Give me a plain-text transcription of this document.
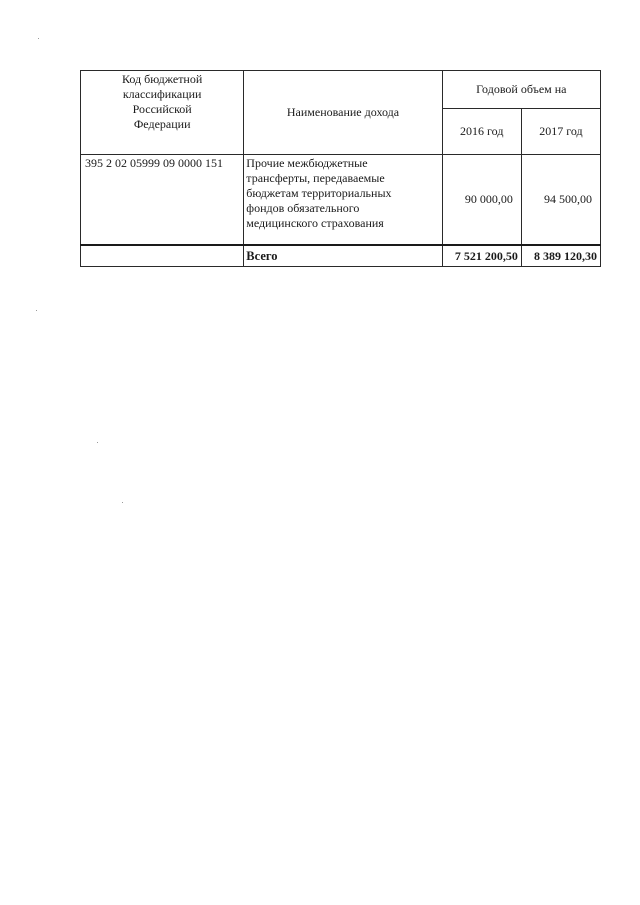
Код бюджетной
классификации
Российской
Федерации	Наименование дохода	Годовой объем на	
		2016 год	2017 год
395 2 02 05999 09 0000 151	Прочие межбюджетные
трансферты, передаваемые
бюджетам территориальных
фондов обязательного
медицинского страхования	90 000,00	94 500,00
	Всего	7 521 200,50	8 389 120,30
